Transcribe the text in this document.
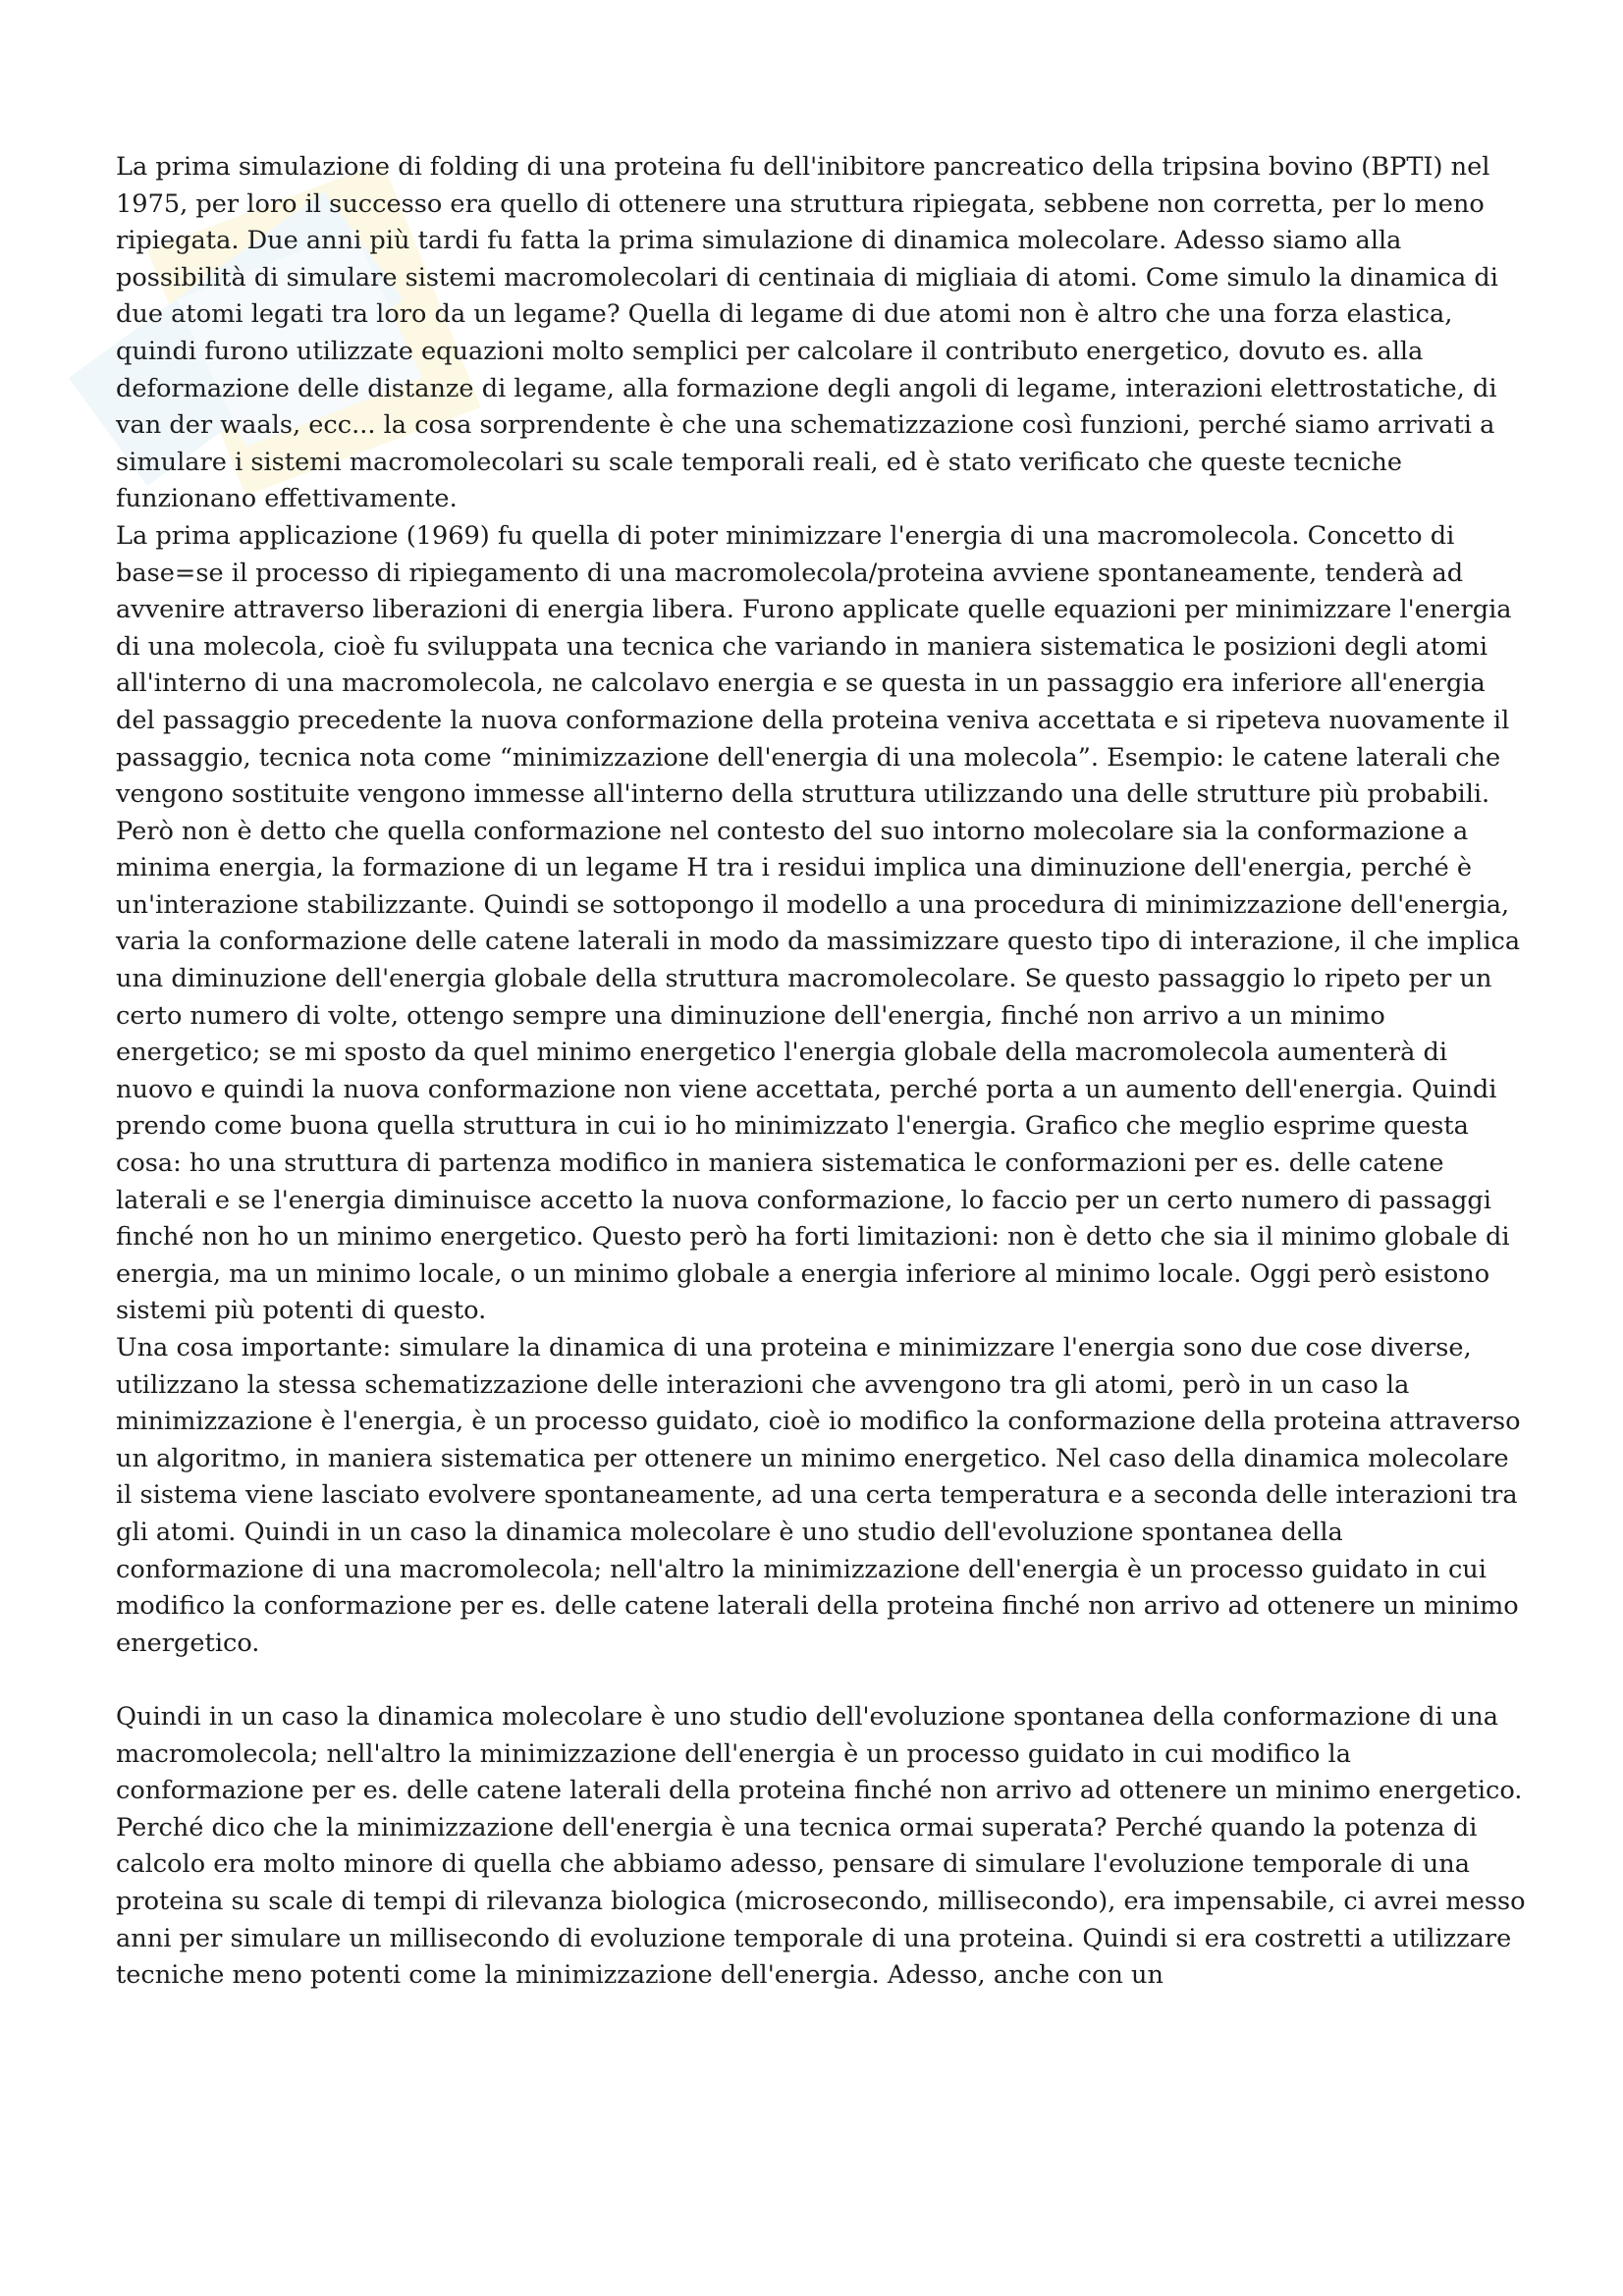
La prima simulazione di folding di una proteina fu dell'inibitore pancreatico della tripsina bovino (BPTI) nel 1975, per loro il successo era quello di ottenere una struttura ripiegata, sebbene non corretta, per lo meno ripiegata. Due anni più tardi fu fatta la prima simulazione di dinamica molecolare. Adesso siamo alla possibilità di simulare sistemi macromolecolari di centinaia di migliaia di atomi. Come simulo la dinamica di due atomi legati tra loro da un legame? Quella di legame di due atomi non è altro che una forza elastica, quindi furono utilizzate equazioni molto semplici per calcolare il contributo energetico, dovuto es. alla deformazione delle distanze di legame, alla formazione degli angoli di legame, interazioni elettrostatiche, di van der waals, ecc... la cosa sorprendente è che una schematizzazione così funzioni, perché siamo arrivati a simulare i sistemi macromolecolari su scale temporali reali, ed è stato verificato che queste tecniche funzionano effettivamente.

La prima applicazione (1969) fu quella di poter minimizzare l'energia di una macromolecola. Concetto di base=se il processo di ripiegamento di una macromolecola/proteina avviene spontaneamente, tenderà ad avvenire attraverso liberazioni di energia libera. Furono applicate quelle equazioni per minimizzare l'energia di una molecola, cioè fu sviluppata una tecnica che variando in maniera sistematica le posizioni degli atomi all'interno di una macromolecola, ne calcolavo energia e se questa in un passaggio era inferiore all'energia del passaggio precedente la nuova conformazione della proteina veniva accettata e si ripeteva nuovamente il passaggio, tecnica nota come “minimizzazione dell'energia di una molecola”. Esempio: le catene laterali che vengono sostituite vengono immesse all'interno della struttura utilizzando una delle strutture più probabili. Però non è detto che quella conformazione nel contesto del suo intorno molecolare sia la conformazione a minima energia, la formazione di un legame H tra i residui implica una diminuzione dell'energia, perché è un'interazione stabilizzante. Quindi se sottopongo il modello a una procedura di minimizzazione dell'energia, varia la conformazione delle catene laterali in modo da massimizzare questo tipo di interazione, il che implica una diminuzione dell'energia globale della struttura macromolecolare. Se questo passaggio lo ripeto per un certo numero di volte, ottengo sempre una diminuzione dell'energia, finché non arrivo a un minimo energetico; se mi sposto da quel minimo energetico l'energia globale della macromolecola aumenterà di nuovo e quindi la nuova conformazione non viene accettata, perché porta a un aumento dell'energia. Quindi prendo come buona quella struttura in cui io ho minimizzato l'energia. Grafico che meglio esprime questa cosa: ho una struttura di partenza modifico in maniera sistematica le conformazioni per es. delle catene laterali e se l'energia diminuisce accetto la nuova conformazione, lo faccio per un certo numero di passaggi finché non ho un minimo energetico. Questo però ha forti limitazioni: non è detto che sia il minimo globale di energia, ma un minimo locale, o un minimo globale a energia inferiore al minimo locale. Oggi però esistono sistemi più potenti di questo.

Una cosa importante: simulare la dinamica di una proteina e minimizzare l'energia sono due cose diverse, utilizzano la stessa schematizzazione delle interazioni che avvengono tra gli atomi, però in un caso la minimizzazione è l'energia, è un processo guidato, cioè io modifico la conformazione della proteina attraverso un algoritmo, in maniera sistematica per ottenere un minimo energetico. Nel caso della dinamica molecolare il sistema viene lasciato evolvere spontaneamente, ad una certa temperatura e a seconda delle interazioni tra gli atomi. Quindi in un caso la dinamica molecolare è uno studio dell'evoluzione spontanea della conformazione di una macromolecola; nell'altro la minimizzazione dell'energia è un processo guidato in cui modifico la conformazione per es. delle catene laterali della proteina finché non arrivo ad ottenere un minimo energetico.

Quindi in un caso la dinamica molecolare è uno studio dell'evoluzione spontanea della conformazione di una macromolecola; nell'altro la minimizzazione dell'energia è un processo guidato in cui modifico la conformazione per es. delle catene laterali della proteina finché non arrivo ad ottenere un minimo energetico.

Perché dico che la minimizzazione dell'energia è una tecnica ormai superata? Perché quando la potenza di calcolo era molto minore di quella che abbiamo adesso, pensare di simulare l'evoluzione temporale di una proteina su scale di tempi di rilevanza biologica (microsecondo, millisecondo), era impensabile, ci avrei messo anni per simulare un millisecondo di evoluzione temporale di una proteina. Quindi si era costretti a utilizzare tecniche meno potenti come la minimizzazione dell'energia. Adesso, anche con un
